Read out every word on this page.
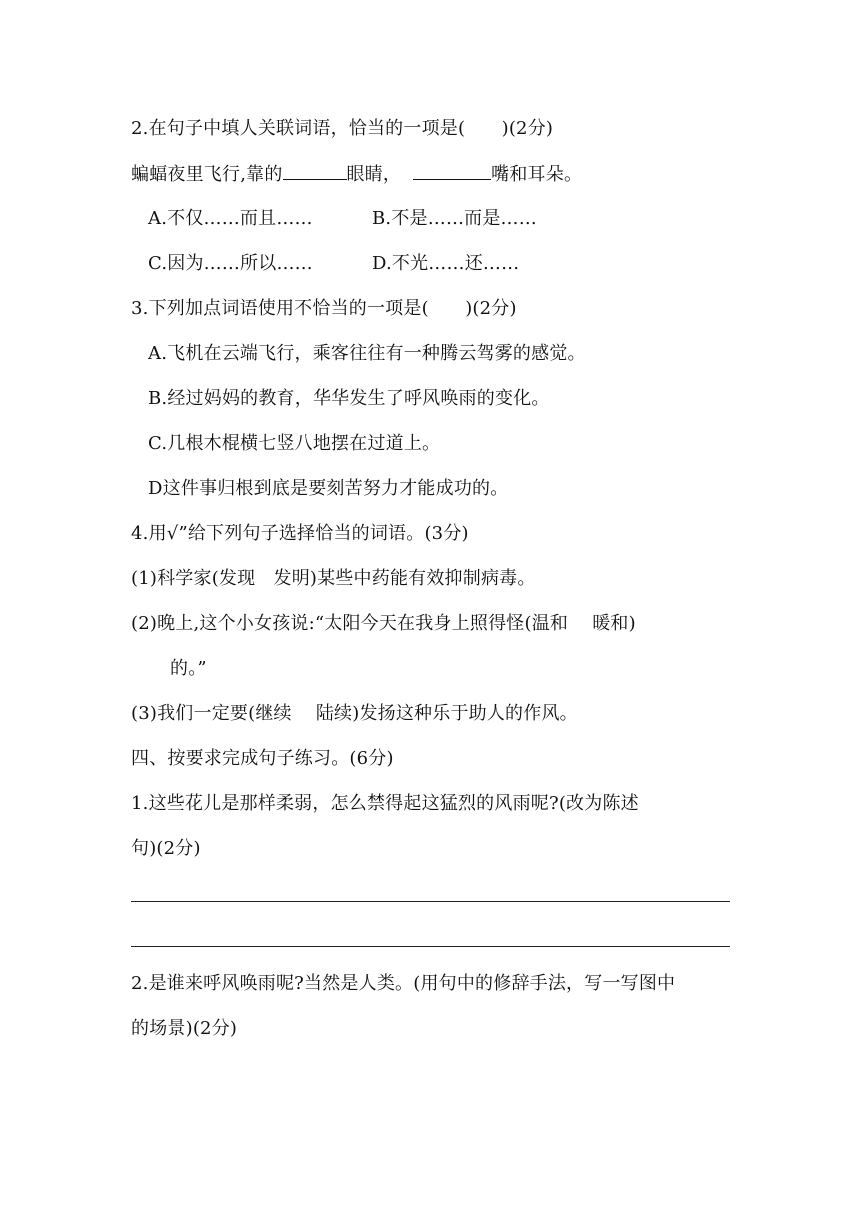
2.在句子中填人关联词语，恰当的一项是(　　)(2分)
蝙蝠夜里飞行,靠的	眼睛，	嘴和耳朵。
A.不仅……而且……	B.不是……而是……
C.因为……所以……	D.不光……还……
3.下列加点词语使用不恰当的一项是(　　)(2分)
A.飞机在云端飞行，乘客往往有一种腾云驾雾的感觉。
B.经过妈妈的教育，华华发生了呼风唤雨的变化。
C.几根木棍横七竖八地摆在过道上。
D这件事归根到底是要刻苦努力才能成功的。
4.用√”给下列句子选择恰当的词语。(3分)
(1)科学家(发现　发明)某些中药能有效抑制病毒。
(2)晚上,这个小女孩说:“太阳今天在我身上照得怪(温和　 暖和)
的。”
(3)我们一定要(继续　 陆续)发扬这种乐于助人的作风。
四、按要求完成句子练习。(6分)
1.这些花儿是那样柔弱，怎么禁得起这猛烈的风雨呢?(改为陈述
句)(2分)
2.是谁来呼风唤雨呢?当然是人类。(用句中的修辞手法，写一写图中
的场景)(2分)
